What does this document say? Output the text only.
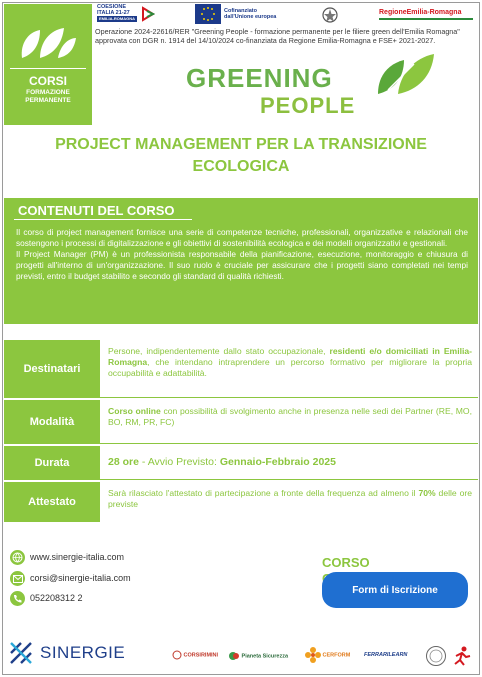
CORSI
FORMAZIONE
PERMANENTE
COESIONE
ITALIA 21-27
EMILIA-ROMAGNA
Cofinanziato
dall'Unione europea
RegioneEmilia-Romagna
Operazione 2024-22616/RER "Greening People - formazione permanente per le filiere green dell'Emilia Romagna" approvata con DGR n. 1914 del 14/10/2024 co-finanziata da Regione Emilia-Romagna e FSE+ 2021-2027.
GREENING
PEOPLE
PROJECT MANAGEMENT PER LA TRANSIZIONE ECOLOGICA
CONTENUTI DEL CORSO

Il corso di project management fornisce una serie di competenze tecniche, professionali, organizzative e relazionali che sostengono i processi di digitalizzazione e gli obiettivi di sostenibilità ecologica e dei modelli organizzativi e gestionali.

Il Project Manager (PM) è un professionista responsabile della pianificazione, esecuzione, monitoraggio e chiusura di progetti all'interno di un'organizzazione. Il suo ruolo è cruciale per assicurare che i progetti siano completati nei tempi previsti, entro il budget stabilito e secondo gli standard di qualità richiesti.

Destinatari
Persone, indipendentemente dallo stato occupazionale, residenti e/o domiciliati in Emilia-Romagna, che intendano intraprendere un percorso formativo per migliorare la propria occupabilità e adattabilità.
Modalità
Corso online con possibilità di svolgimento anche in presenza nelle sedi dei Partner (RE, MO, BO, RM, PR, FC)
Durata	28 ore - Avvio Previsto: Gennaio-Febbraio 2025
Attestato
Sarà rilasciato l'attestato di partecipazione a fronte della frequenza ad almeno il 70% delle ore previste
www.sinergie-italia.com
corsi@sinergie-italia.com
052208312 2
CORSO
Form di Iscrizione
SINERGIE	CORSIRIMINI	Pianeta Sicurezza	CERFORM FERRARILEARN
